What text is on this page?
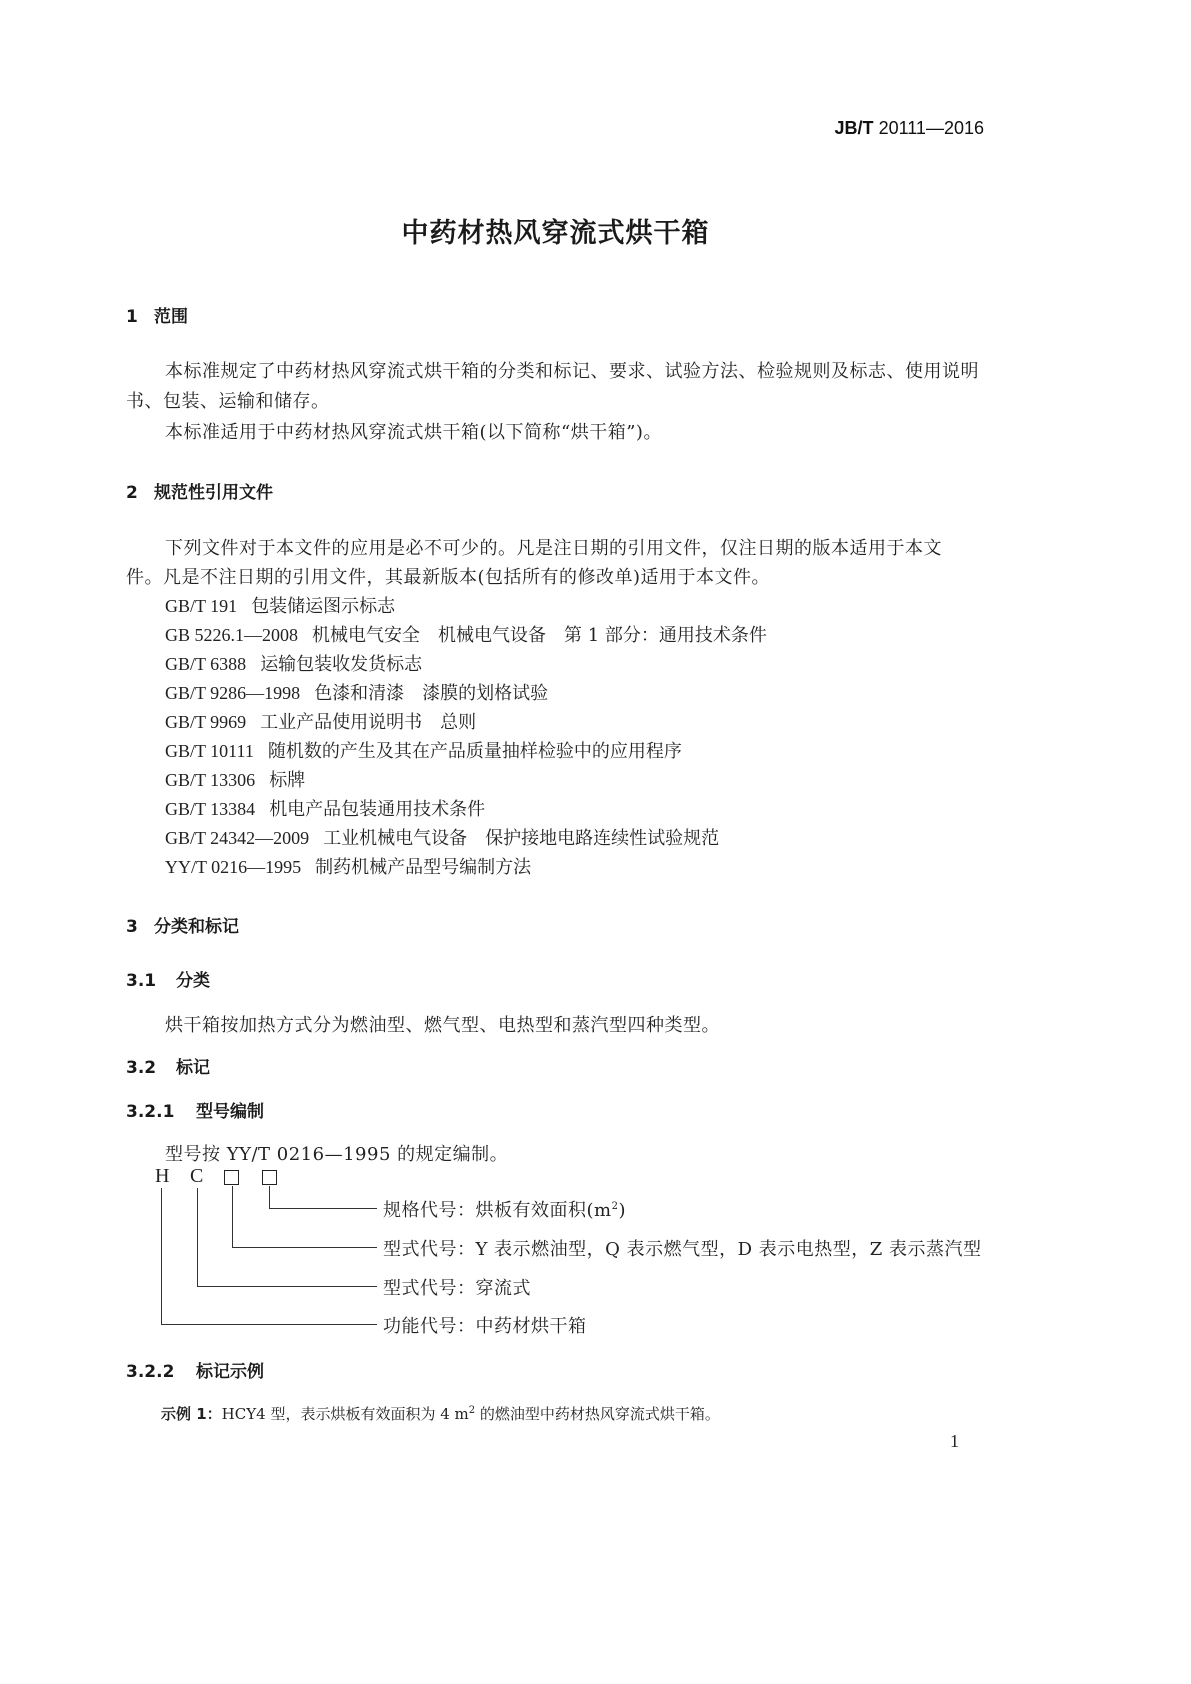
JB/T 20111—2016
中药材热风穿流式烘干箱
1 范围
本标准规定了中药材热风穿流式烘干箱的分类和标记、要求、试验方法、检验规则及标志、使用说明
书、包装、运输和储存。
本标准适用于中药材热风穿流式烘干箱(以下简称“烘干箱”)。
2 规范性引用文件
下列文件对于本文件的应用是必不可少的。凡是注日期的引用文件，仅注日期的版本适用于本文
件。凡是不注日期的引用文件，其最新版本(包括所有的修改单)适用于本文件。
GB/T 191 包装储运图示标志
GB 5226.1—2008 机械电气安全　机械电气设备　第 1 部分：通用技术条件
GB/T 6388 运输包装收发货标志
GB/T 9286—1998 色漆和清漆　漆膜的划格试验
GB/T 9969 工业产品使用说明书　总则
GB/T 10111 随机数的产生及其在产品质量抽样检验中的应用程序
GB/T 13306 标牌
GB/T 13384 机电产品包装通用技术条件
GB/T 24342—2009 工业机械电气设备　保护接地电路连续性试验规范
YY/T 0216—1995 制药机械产品型号编制方法
3 分类和标记
3.1 分类
烘干箱按加热方式分为燃油型、燃气型、电热型和蒸汽型四种类型。
3.2 标记
3.2.1 型号编制
型号按 YY/T 0216—1995 的规定编制。
H C
规格代号：烘板有效面积$(m^2)$
型式代号：Y 表示燃油型，Q 表示燃气型，D 表示电热型，Z 表示蒸汽型
型式代号：穿流式
功能代号：中药材烘干箱
3.2.2 标记示例
示例 1：HCY4 型，表示烘板有效面积为 4 $m^2$ 的燃油型中药材热风穿流式烘干箱。
1
